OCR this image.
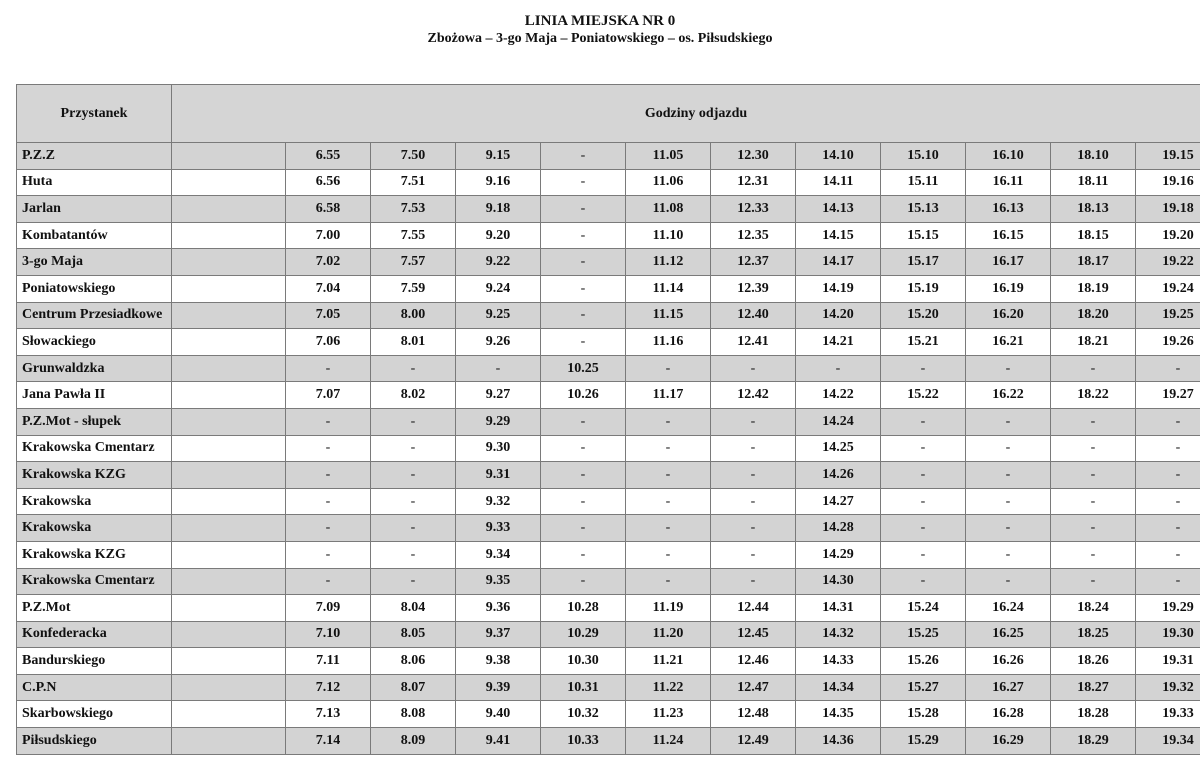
LINIA MIEJSKA NR 0
Zbożowa – 3-go Maja – Poniatowskiego – os. Piłsudskiego
Przystanek	Godziny odjazdu											
P.Z.Z		6.55	7.50	9.15	-	11.05	12.30	14.10	15.10	16.10	18.10	19.15
Huta		6.56	7.51	9.16	-	11.06	12.31	14.11	15.11	16.11	18.11	19.16
Jarlan		6.58	7.53	9.18	-	11.08	12.33	14.13	15.13	16.13	18.13	19.18
Kombatantów		7.00	7.55	9.20	-	11.10	12.35	14.15	15.15	16.15	18.15	19.20
3-go Maja		7.02	7.57	9.22	-	11.12	12.37	14.17	15.17	16.17	18.17	19.22
Poniatowskiego		7.04	7.59	9.24	-	11.14	12.39	14.19	15.19	16.19	18.19	19.24
Centrum Przesiadkowe		7.05	8.00	9.25	-	11.15	12.40	14.20	15.20	16.20	18.20	19.25
Słowackiego		7.06	8.01	9.26	-	11.16	12.41	14.21	15.21	16.21	18.21	19.26
Grunwaldzka		-	-	-	10.25	-	-	-	-	-	-	-
Jana Pawła II		7.07	8.02	9.27	10.26	11.17	12.42	14.22	15.22	16.22	18.22	19.27
P.Z.Mot - słupek		-	-	9.29	-	-	-	14.24	-	-	-	-
Krakowska Cmentarz		-	-	9.30	-	-	-	14.25	-	-	-	-
Krakowska KZG		-	-	9.31	-	-	-	14.26	-	-	-	-
Krakowska		-	-	9.32	-	-	-	14.27	-	-	-	-
Krakowska		-	-	9.33	-	-	-	14.28	-	-	-	-
Krakowska KZG		-	-	9.34	-	-	-	14.29	-	-	-	-
Krakowska Cmentarz		-	-	9.35	-	-	-	14.30	-	-	-	-
P.Z.Mot		7.09	8.04	9.36	10.28	11.19	12.44	14.31	15.24	16.24	18.24	19.29
Konfederacka		7.10	8.05	9.37	10.29	11.20	12.45	14.32	15.25	16.25	18.25	19.30
Bandurskiego		7.11	8.06	9.38	10.30	11.21	12.46	14.33	15.26	16.26	18.26	19.31
C.P.N		7.12	8.07	9.39	10.31	11.22	12.47	14.34	15.27	16.27	18.27	19.32
Skarbowskiego		7.13	8.08	9.40	10.32	11.23	12.48	14.35	15.28	16.28	18.28	19.33
Piłsudskiego		7.14	8.09	9.41	10.33	11.24	12.49	14.36	15.29	16.29	18.29	19.34
